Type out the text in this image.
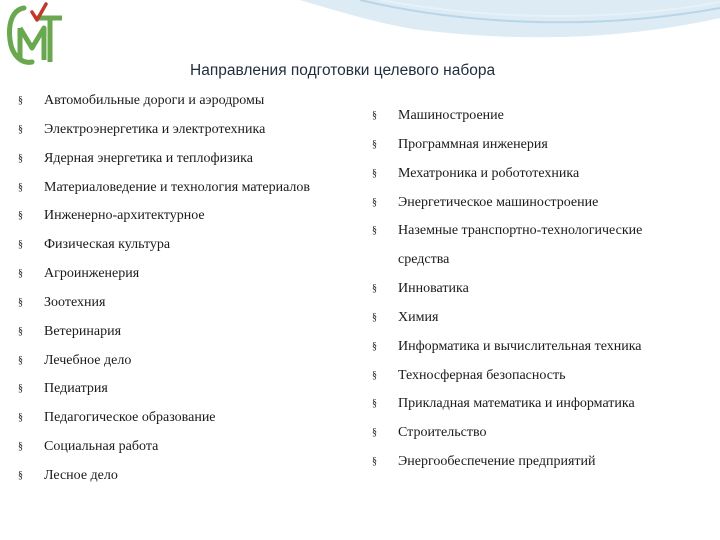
Направления подготовки целевого набора
§ Автомобильные дороги и аэродромы
§ Электроэнергетика и электротехника
§ Ядерная энергетика и теплофизика
§ Материаловедение и технология материалов
§ Инженерно-архитектурное
§ Физическая культура
§ Агроинженерия
§ Зоотехния
§ Ветеринария
§ Лечебное дело
§ Педиатрия
§ Педагогическое образование
§ Социальная работа
§ Лесное дело
§ Машиностроение
§ Программная инженерия
§ Мехатроника и робототехника
§ Энергетическое машиностроение
§ Наземные транспортно-технологические
средства
§ Инноватика
§ Химия
§ Информатика и вычислительная техника
§ Техносферная безопасность
§ Прикладная математика и информатика
§ Строительство
§ Энергообеспечение предприятий
